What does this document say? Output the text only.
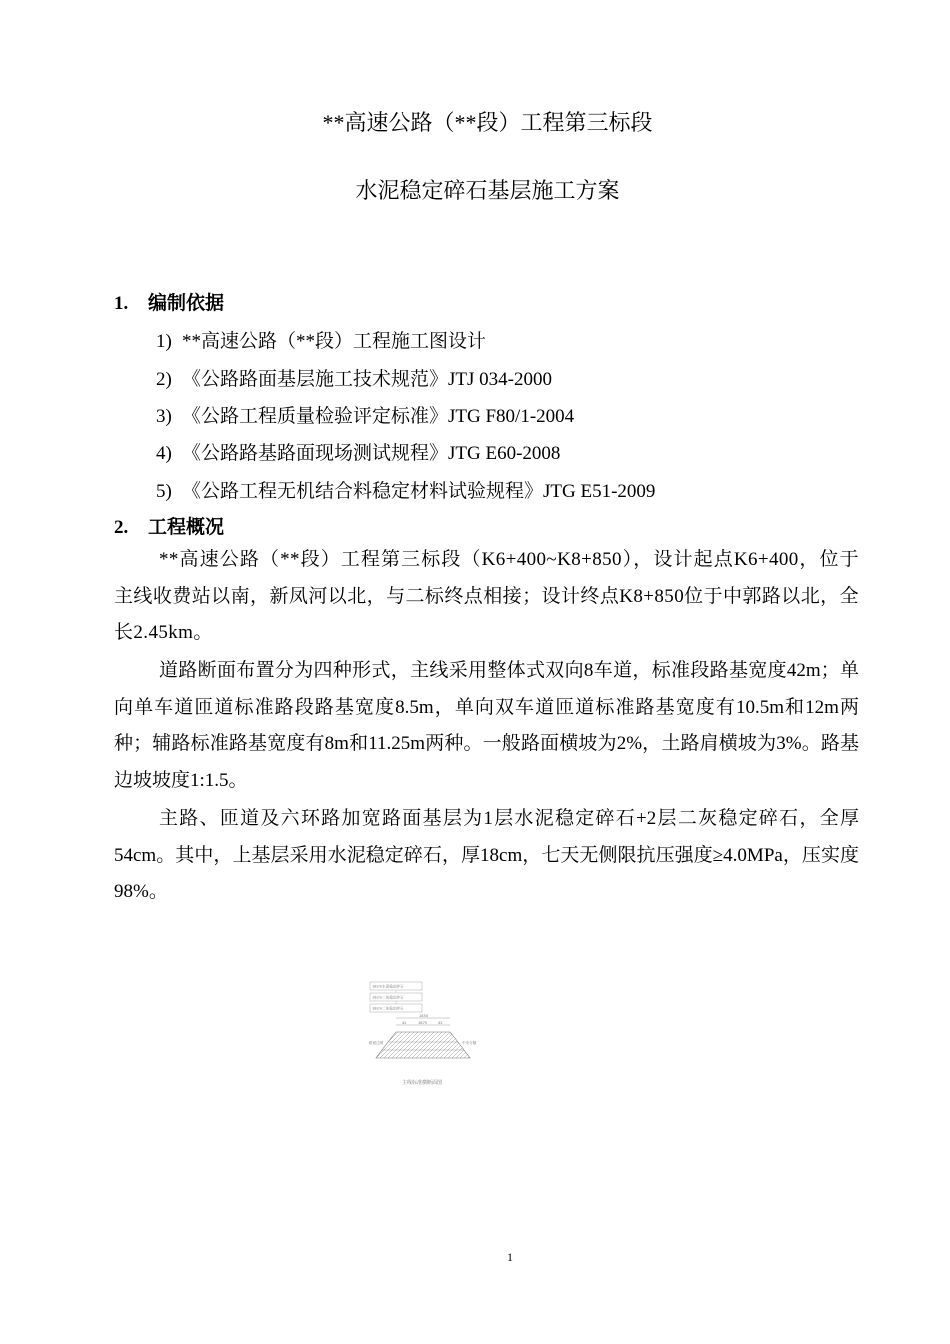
**高速公路（**段）工程第三标段
水泥稳定碎石基层施工方案
1. 编制依据
1) **高速公路（**段）工程施工图设计
2) 《公路路面基层施工技术规范》JTJ 034-2000
3) 《公路工程质量检验评定标准》JTG F80/1-2004
4) 《公路路基路面现场测试规程》JTG E60-2008
5) 《公路工程无机结合料稳定材料试验规程》JTG E51-2009
2. 工程概况
**高速公路（**段）工程第三标段（K6+400~K8+850），设计起点K6+400，位于主线收费站以南，新凤河以北，与二标终点相接；设计终点K8+850位于中郭路以北，全长2.45km。
道路断面布置分为四种形式，主线采用整体式双向8车道，标准段路基宽度42m；单向单车道匝道标准路段路基宽度8.5m，单向双车道匝道标准路基宽度有10.5m和12m两种；辅路标准路基宽度有8m和11.25m两种。一般路面横坡为2%，土路肩横坡为3%。路基边坡坡度1:1.5。
主路、匝道及六环路加宽路面基层为1层水泥稳定碎石+2层二灰稳定碎石，全厚54cm。其中，上基层采用水泥稳定碎石，厚18cm，七天无侧限抗压强度≥4.0MPa，压实度98%。
18cm水泥稳定碎石
18cm二灰稳定碎石
18cm二灰稳定碎石
1850
42	1875	42
路面边坡	中央分隔
主线标准横断面图
1
